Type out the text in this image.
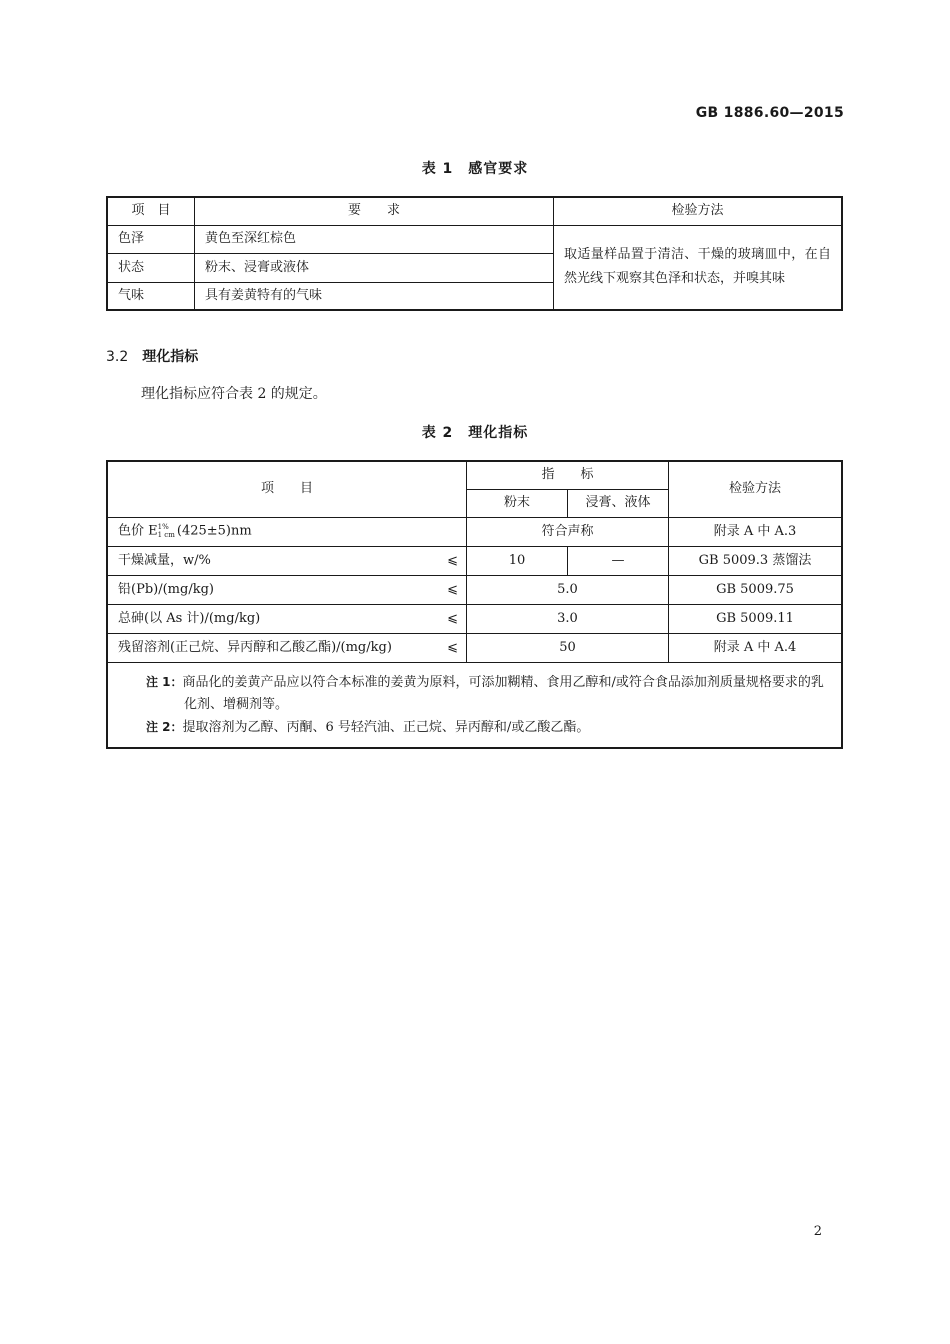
GB 1886.60—2015
表 1　感官要求
项　目	要　　求	检验方法
色泽	黄色至深红棕色	取适量样品置于清洁、干燥的玻璃皿中，在自然光线下观察其色泽和状态，并嗅其味
状态	粉末、浸膏或液体	
气味	具有姜黄特有的气味	
3.2 理化指标
理化指标应符合表 2 的规定。
表 2　理化指标
项　　目	指　　标		检验方法
	粉末	浸膏、液体	
色价 E1%
1 cm (425±5)nm	符合声称		附录 A 中 A.3
干燥减量，w/% ⩽	10	—	GB 5009.3 蒸馏法
铅(Pb)/(mg/kg) ⩽	5.0		GB 5009.75
总砷(以 As 计)/(mg/kg) ⩽	3.0		GB 5009.11
残留溶剂(正己烷、异丙醇和乙酸乙酯)/(mg/kg) ⩽	50		附录 A 中 A.4

注 1：商品化的姜黄产品应以符合本标准的姜黄为原料，可添加糊精、食用乙醇和/或符合食品添加剂质量规格要求的乳化剂、增稠剂等。
注 2：提取溶剂为乙醇、丙酮、6 号轻汽油、正己烷、异丙醇和/或乙酸乙酯。			
2
